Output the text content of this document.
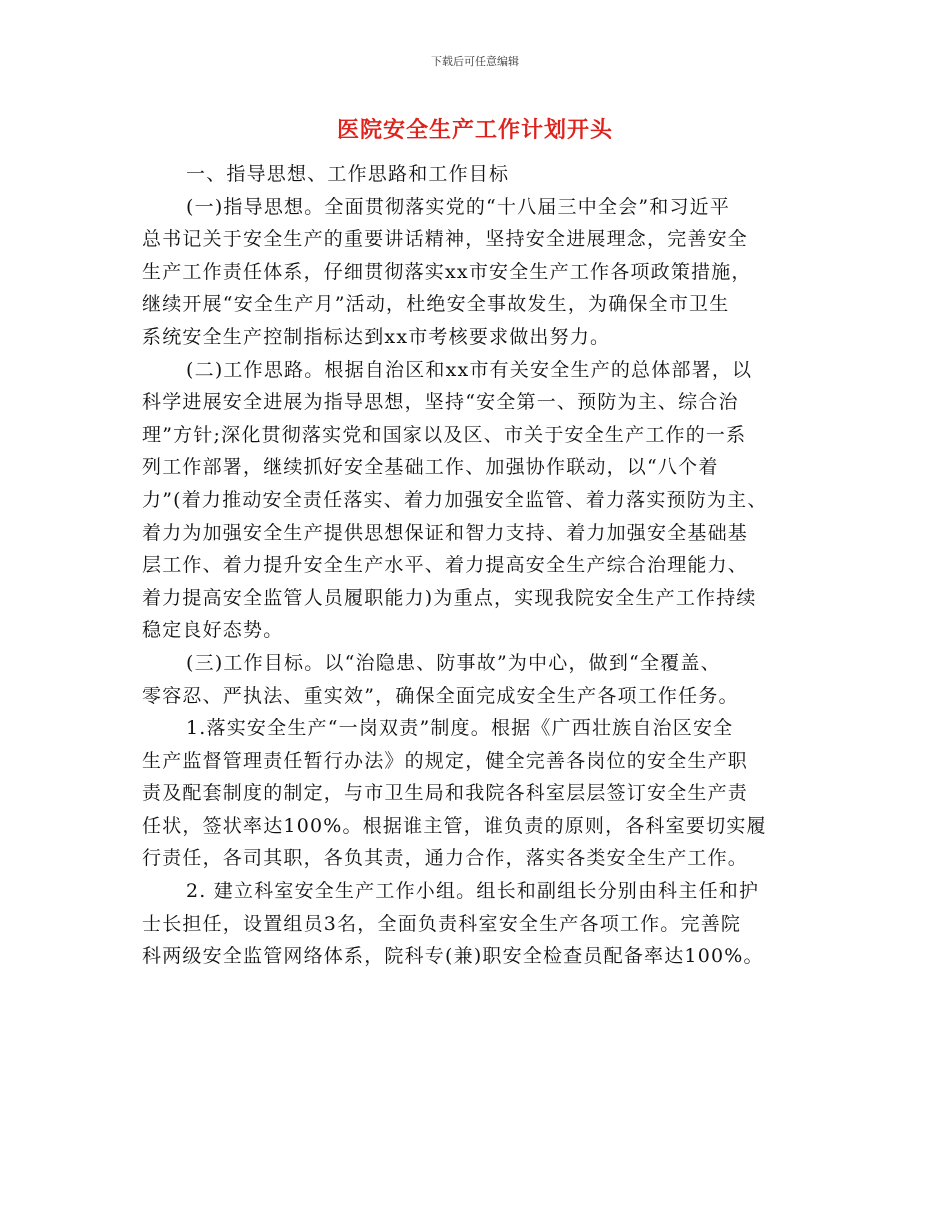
下载后可任意编辑
医院安全生产工作计划开头
一、指导思想、工作思路和工作目标
(一)指导思想。全面贯彻落实党的“十八届三中全会”和习近平
总书记关于安全生产的重要讲话精神，坚持安全进展理念，完善安全
生产工作责任体系，仔细贯彻落实xx市安全生产工作各项政策措施，
继续开展“安全生产月”活动，杜绝安全事故发生，为确保全市卫生
系统安全生产控制指标达到xx市考核要求做出努力。
(二)工作思路。根据自治区和xx市有关安全生产的总体部署，以
科学进展安全进展为指导思想，坚持“安全第一、预防为主、综合治
理”方针;深化贯彻落实党和国家以及区、市关于安全生产工作的一系
列工作部署，继续抓好安全基础工作、加强协作联动，以“八个着
力”(着力推动安全责任落实、着力加强安全监管、着力落实预防为主、
着力为加强安全生产提供思想保证和智力支持、着力加强安全基础基
层工作、着力提升安全生产水平、着力提高安全生产综合治理能力、
着力提高安全监管人员履职能力)为重点，实现我院安全生产工作持续
稳定良好态势。
(三)工作目标。以“治隐患、防事故”为中心，做到“全覆盖、
零容忍、严执法、重实效”，确保全面完成安全生产各项工作任务。
1.落实安全生产“一岗双责”制度。根据《广西壮族自治区安全
生产监督管理责任暂行办法》的规定，健全完善各岗位的安全生产职
责及配套制度的制定，与市卫生局和我院各科室层层签订安全生产责
任状，签状率达100%。根据谁主管，谁负责的原则，各科室要切实履
行责任，各司其职，各负其责，通力合作，落实各类安全生产工作。
2. 建立科室安全生产工作小组。组长和副组长分别由科主任和护
士长担任，设置组员3名，全面负责科室安全生产各项工作。完善院
科两级安全监管网络体系，院科专(兼)职安全检查员配备率达100%。
